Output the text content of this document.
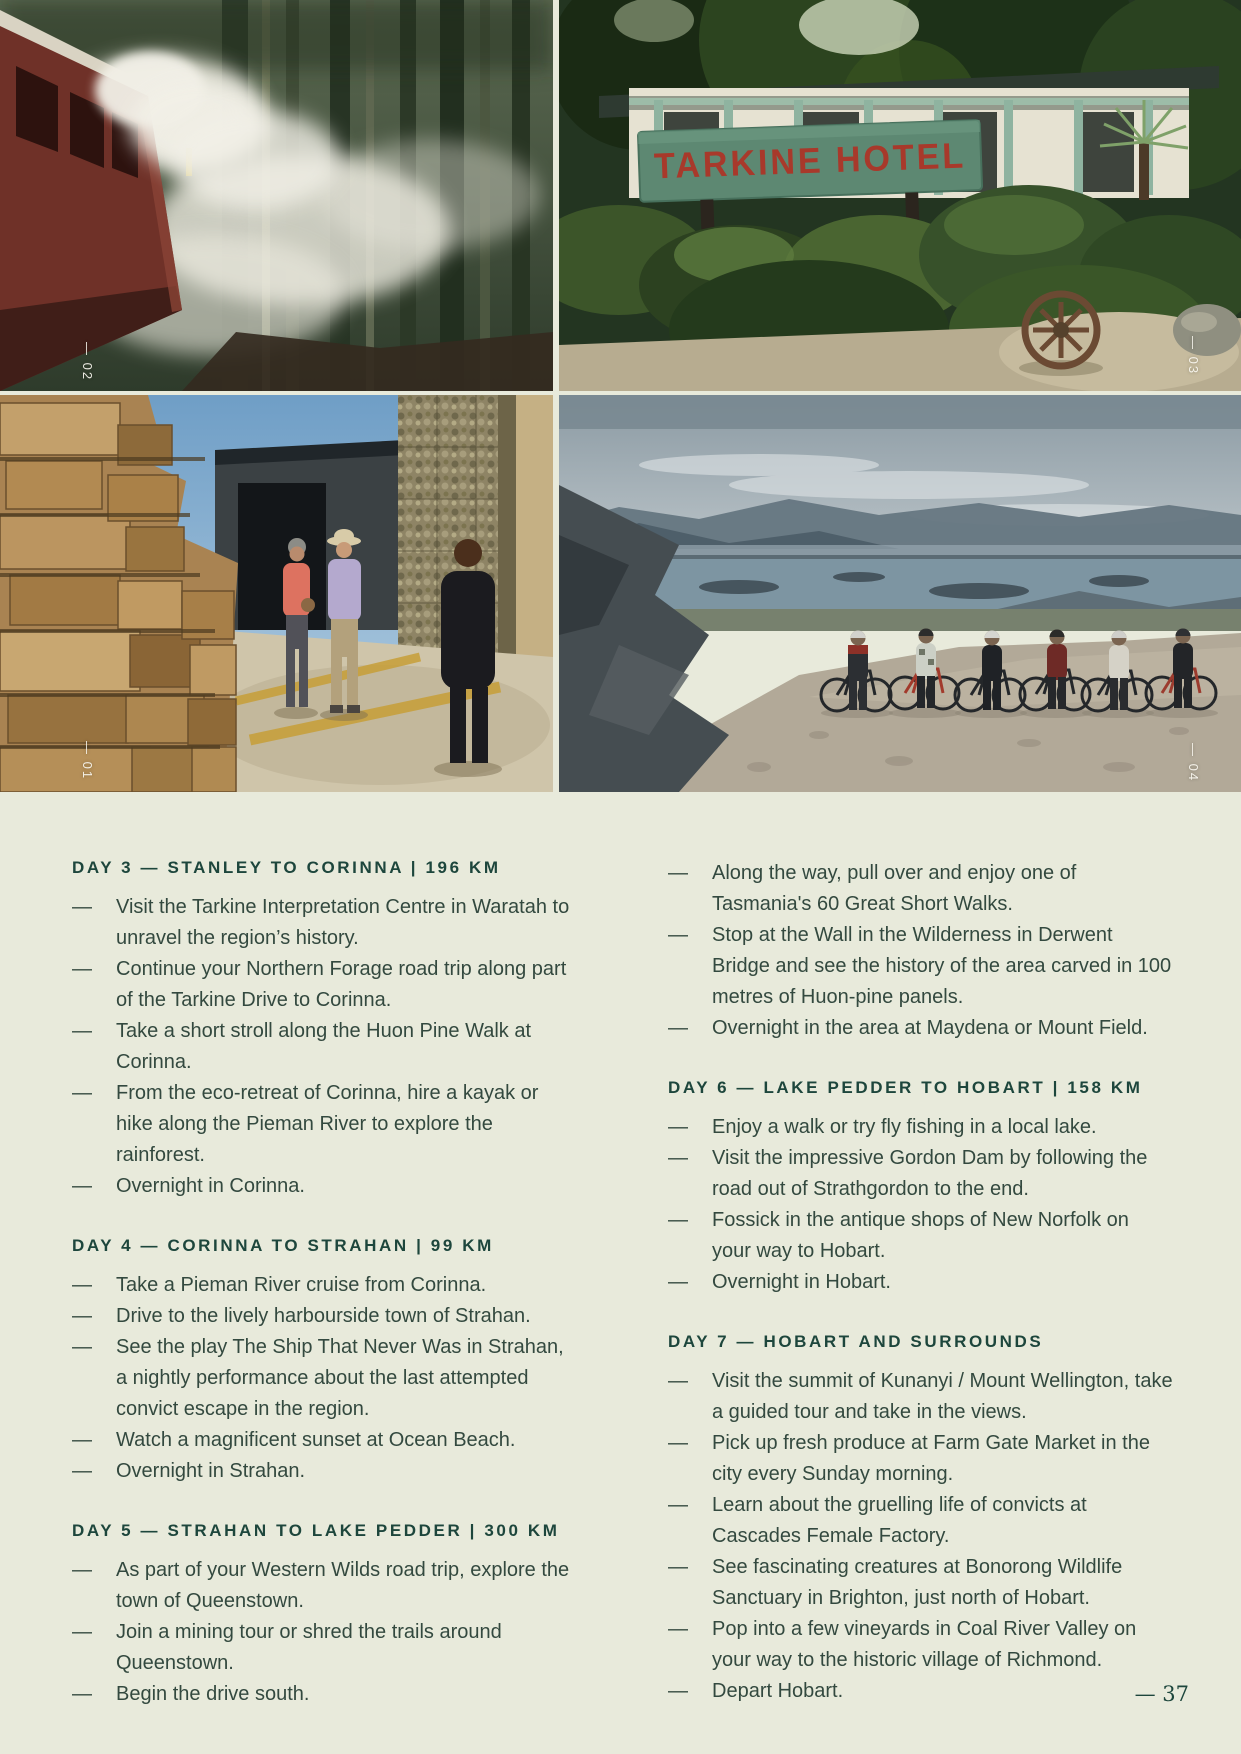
— 02
TARKINE HOTEL
— 03
— 01	— 04
DAY 3 — STANLEY TO CORINNA | 196 KM
—	Visit the Tarkine Interpretation Centre in Waratah to unravel the region’s history.
—	Continue your Northern Forage road trip along part of the Tarkine Drive to Corinna.
—	Take a short stroll along the Huon Pine Walk at Corinna.
—	From the eco-retreat of Corinna, hire a kayak or hike along the Pieman River to explore the rainforest.
—	Overnight in Corinna.
DAY 4 — CORINNA TO STRAHAN | 99 KM
—	Take a Pieman River cruise from Corinna.
—	Drive to the lively harbourside town of Strahan.
—	See the play The Ship That Never Was in Strahan, a nightly performance about the last attempted convict escape in the region.
—	Watch a magnificent sunset at Ocean Beach.
—	Overnight in Strahan.
DAY 5 — STRAHAN TO LAKE PEDDER | 300 KM
—	As part of your Western Wilds road trip, explore the town of Queenstown.
—	Join a mining tour or shred the trails around Queenstown.
—	Begin the drive south.
—	Along the way, pull over and enjoy one of Tasmania's 60 Great Short Walks.
—	Stop at the Wall in the Wilderness in Derwent Bridge and see the history of the area carved in 100 metres of Huon-pine panels.
—	Overnight in the area at Maydena or Mount Field.
DAY 6 — LAKE PEDDER TO HOBART | 158 KM
—	Enjoy a walk or try fly fishing in a local lake.
—	Visit the impressive Gordon Dam by following the road out of Strathgordon to the end.
—	Fossick in the antique shops of New Norfolk on your way to Hobart.
—	Overnight in Hobart.
DAY 7 — HOBART AND SURROUNDS
—	Visit the summit of Kunanyi / Mount Wellington, take a guided tour and take in the views.
—	Pick up fresh produce at Farm Gate Market in the city every Sunday morning.
—	Learn about the gruelling life of convicts at Cascades Female Factory.
—	See fascinating creatures at Bonorong Wildlife Sanctuary in Brighton, just north of Hobart.
—	Pop into a few vineyards in Coal River Valley on your way to the historic village of Richmond.
—	Depart Hobart.	— 37
